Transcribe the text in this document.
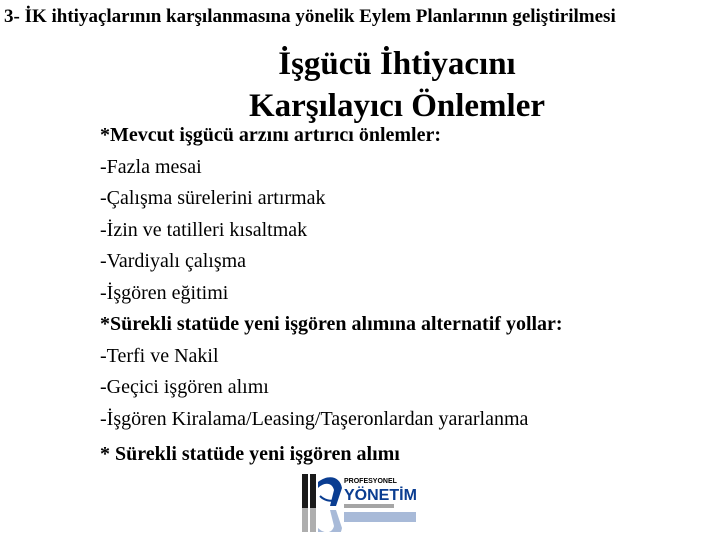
3- İK ihtiyaçlarının karşılanmasına yönelik Eylem Planlarının geliştirilmesi
İşgücü İhtiyacını
Karşılayıcı Önlemler
*Mevcut işgücü arzını artırıcı önlemler:
-Fazla mesai
-Çalışma sürelerini artırmak
-İzin ve tatilleri kısaltmak
-Vardiyalı çalışma
-İşgören eğitimi
*Sürekli statüde yeni işgören alımına alternatif yollar:
-Terfi ve Nakil
-Geçici işgören alımı
-İşgören Kiralama/Leasing/Taşeronlardan yararlanma
* Sürekli statüde yeni işgören alımı
PROFESYONEL
YÖNETİM
